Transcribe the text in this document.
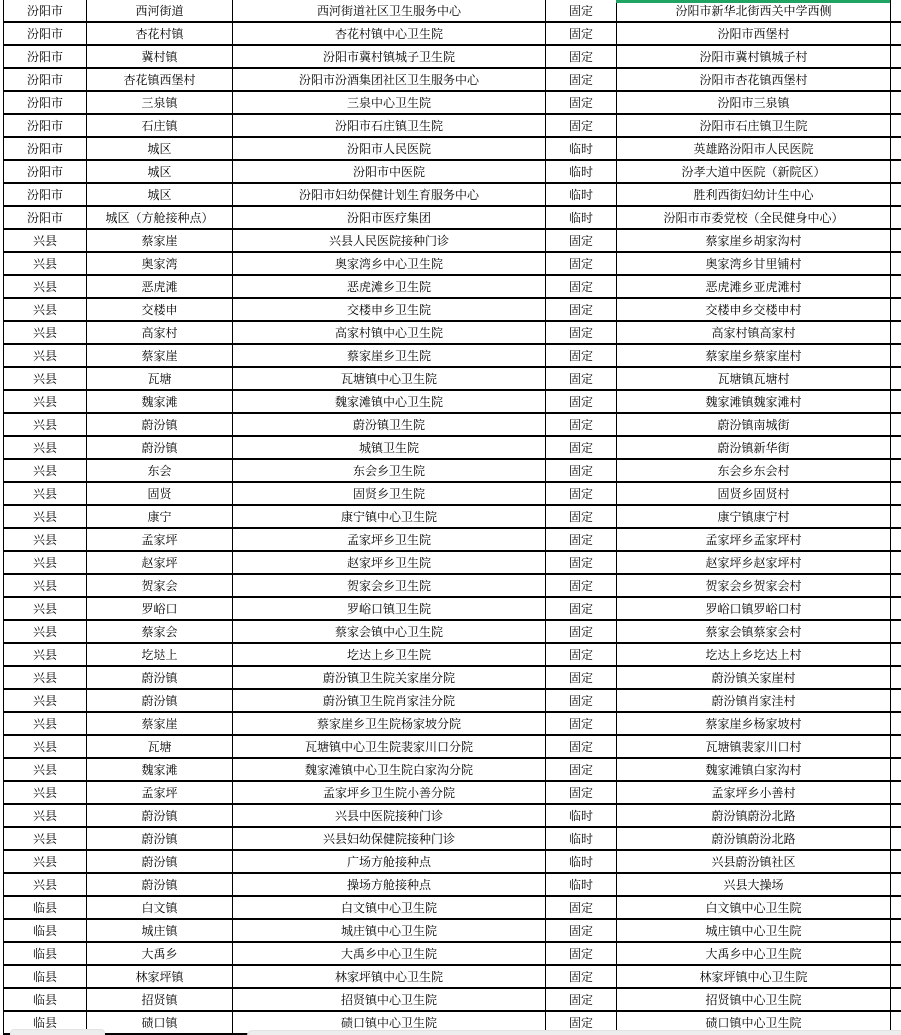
汾阳市	西河街道	西河街道社区卫生服务中心	固定	汾阳市新华北街西关中学西侧	
汾阳市	杏花村镇	杏花村镇中心卫生院	固定	汾阳市西堡村	
汾阳市	冀村镇	汾阳市冀村镇城子卫生院	固定	汾阳市冀村镇城子村	
汾阳市	杏花镇西堡村	汾阳市汾酒集团社区卫生服务中心	固定	汾阳市杏花镇西堡村	
汾阳市	三泉镇	三泉中心卫生院	固定	汾阳市三泉镇	
汾阳市	石庄镇	汾阳市石庄镇卫生院	固定	汾阳市石庄镇卫生院	
汾阳市	城区	汾阳市人民医院	临时	英雄路汾阳市人民医院	
汾阳市	城区	汾阳市中医院	临时	汾孝大道中医院（新院区）	
汾阳市	城区	汾阳市妇幼保健计划生育服务中心	临时	胜利西街妇幼计生中心	
汾阳市	城区（方舱接种点）	汾阳市医疗集团	临时	汾阳市市委党校（全民健身中心）	
兴县	蔡家崖	兴县人民医院接种门诊	固定	蔡家崖乡胡家沟村	
兴县	奥家湾	奥家湾乡中心卫生院	固定	奥家湾乡甘里铺村	
兴县	恶虎滩	恶虎滩乡卫生院	固定	恶虎滩乡亚虎滩村	
兴县	交楼申	交楼申乡卫生院	固定	交楼申乡交楼申村	
兴县	高家村	高家村镇中心卫生院	固定	高家村镇高家村	
兴县	蔡家崖	蔡家崖乡卫生院	固定	蔡家崖乡蔡家崖村	
兴县	瓦塘	瓦塘镇中心卫生院	固定	瓦塘镇瓦塘村	
兴县	魏家滩	魏家滩镇中心卫生院	固定	魏家滩镇魏家滩村	
兴县	蔚汾镇	蔚汾镇卫生院	固定	蔚汾镇南城街	
兴县	蔚汾镇	城镇卫生院	固定	蔚汾镇新华街	
兴县	东会	东会乡卫生院	固定	东会乡东会村	
兴县	固贤	固贤乡卫生院	固定	固贤乡固贤村	
兴县	康宁	康宁镇中心卫生院	固定	康宁镇康宁村	
兴县	孟家坪	孟家坪乡卫生院	固定	孟家坪乡孟家坪村	
兴县	赵家坪	赵家坪乡卫生院	固定	赵家坪乡赵家坪村	
兴县	贺家会	贺家会乡卫生院	固定	贺家会乡贺家会村	
兴县	罗峪口	罗峪口镇卫生院	固定	罗峪口镇罗峪口村	
兴县	蔡家会	蔡家会镇中心卫生院	固定	蔡家会镇蔡家会村	
兴县	圪垯上	圪达上乡卫生院	固定	圪达上乡圪达上村	
兴县	蔚汾镇	蔚汾镇卫生院关家崖分院	固定	蔚汾镇关家崖村	
兴县	蔚汾镇	蔚汾镇卫生院肖家洼分院	固定	蔚汾镇肖家洼村	
兴县	蔡家崖	蔡家崖乡卫生院杨家坡分院	固定	蔡家崖乡杨家坡村	
兴县	瓦塘	瓦塘镇中心卫生院裴家川口分院	固定	瓦塘镇裴家川口村	
兴县	魏家滩	魏家滩镇中心卫生院白家沟分院	固定	魏家滩镇白家沟村	
兴县	孟家坪	孟家坪乡卫生院小善分院	固定	孟家坪乡小善村	
兴县	蔚汾镇	兴县中医院接种门诊	临时	蔚汾镇蔚汾北路	
兴县	蔚汾镇	兴县妇幼保健院接种门诊	临时	蔚汾镇蔚汾北路	
兴县	蔚汾镇	广场方舱接种点	临时	兴县蔚汾镇社区	
兴县	蔚汾镇	操场方舱接种点	临时	兴县大操场	
临县	白文镇	白文镇中心卫生院	固定	白文镇中心卫生院	
临县	城庄镇	城庄镇中心卫生院	固定	城庄镇中心卫生院	
临县	大禹乡	大禹乡中心卫生院	固定	大禹乡中心卫生院	
临县	林家坪镇	林家坪镇中心卫生院	固定	林家坪镇中心卫生院	
临县	招贤镇	招贤镇中心卫生院	固定	招贤镇中心卫生院	
临县	碛口镇	碛口镇中心卫生院	固定	碛口镇中心卫生院	
